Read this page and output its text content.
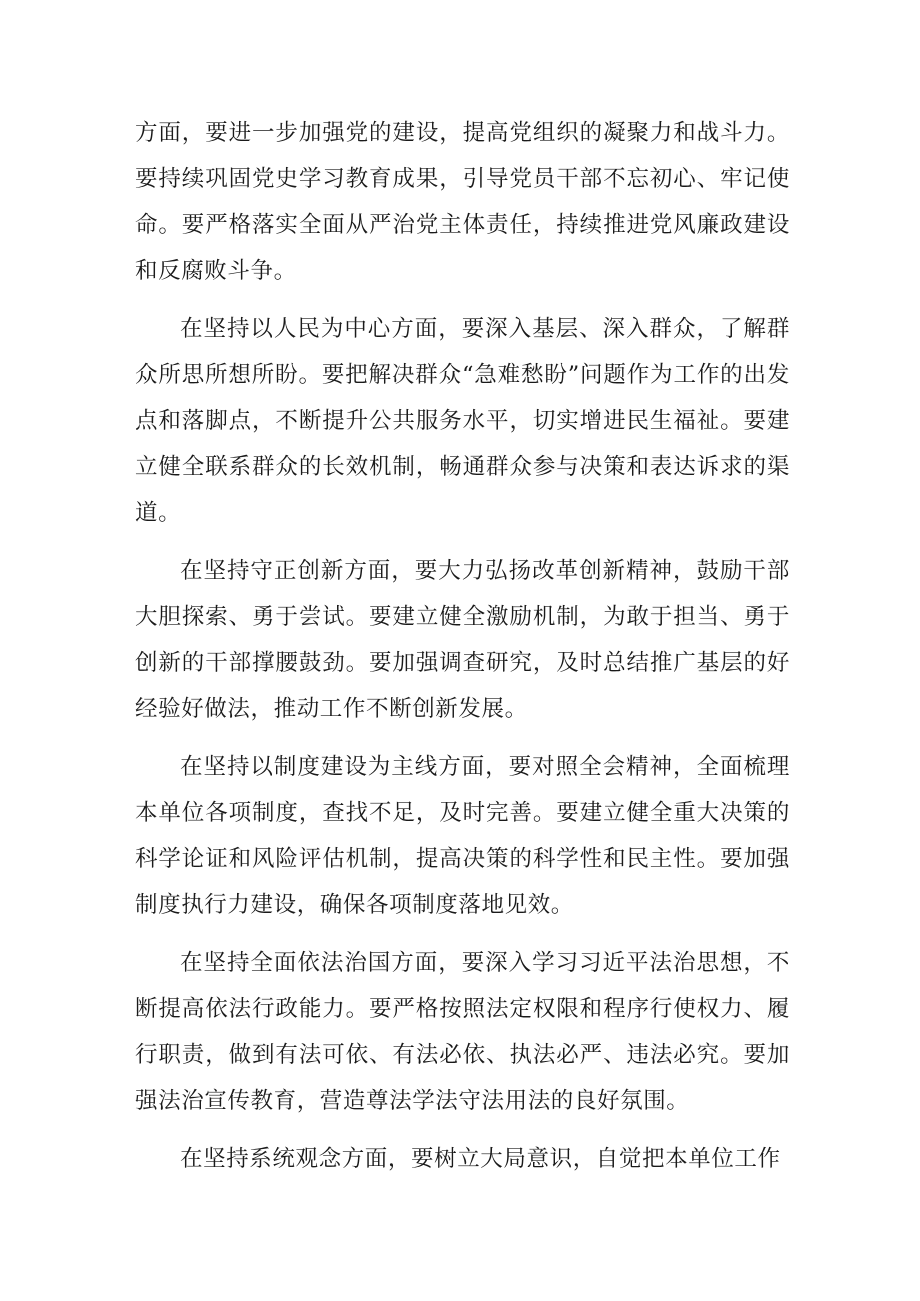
方面，要进一步加强党的建设，提高党组织的凝聚力和战斗力。要持续巩固党史学习教育成果，引导党员干部不忘初心、牢记使命。要严格落实全面从严治党主体责任，持续推进党风廉政建设和反腐败斗争。

在坚持以人民为中心方面，要深入基层、深入群众，了解群众所思所想所盼。要把解决群众“急难愁盼”问题作为工作的出发点和落脚点，不断提升公共服务水平，切实增进民生福祉。要建立健全联系群众的长效机制，畅通群众参与决策和表达诉求的渠道。

在坚持守正创新方面，要大力弘扬改革创新精神，鼓励干部大胆探索、勇于尝试。要建立健全激励机制，为敢于担当、勇于创新的干部撑腰鼓劲。要加强调查研究，及时总结推广基层的好经验好做法，推动工作不断创新发展。

在坚持以制度建设为主线方面，要对照全会精神，全面梳理本单位各项制度，查找不足，及时完善。要建立健全重大决策的科学论证和风险评估机制，提高决策的科学性和民主性。要加强制度执行力建设，确保各项制度落地见效。

在坚持全面依法治国方面，要深入学习习近平法治思想，不断提高依法行政能力。要严格按照法定权限和程序行使权力、履行职责，做到有法可依、有法必依、执法必严、违法必究。要加强法治宣传教育，营造尊法学法守法用法的良好氛围。

在坚持系统观念方面，要树立大局意识，自觉把本单位工作
